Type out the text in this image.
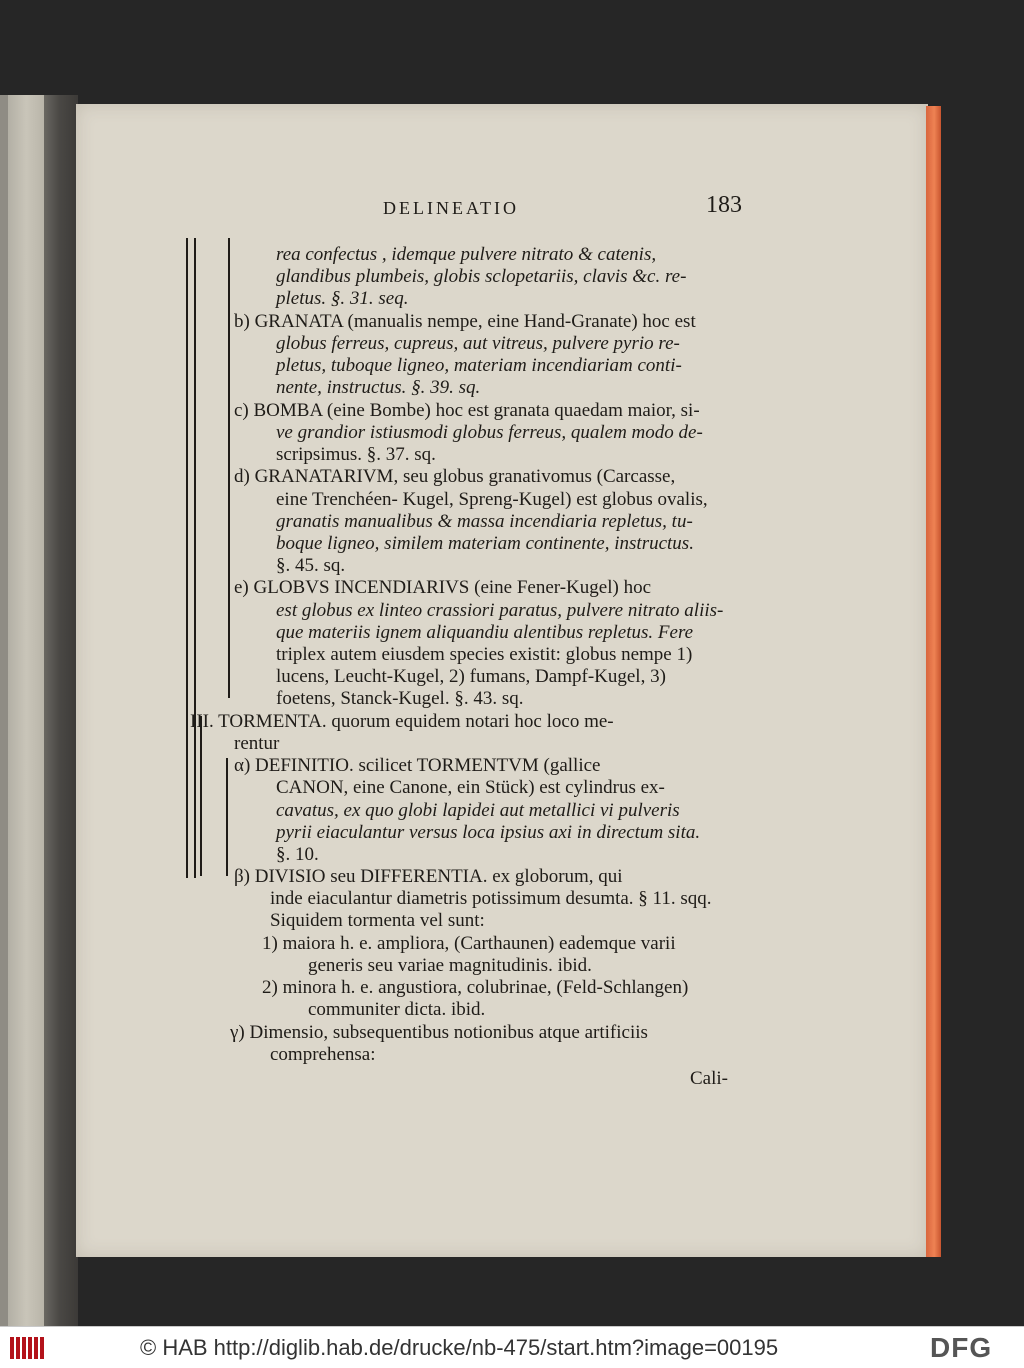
DELINEATIO	183
rea confectus , idemque pulvere nitrato & catenis,
glandibus plumbeis, globis sclopetariis, clavis &c. re-
pletus. §. 31. seq.
b) GRANATA (manualis nempe, eine Hand-Granate) hoc est
globus ferreus, cupreus, aut vitreus, pulvere pyrio re-
pletus, tuboque ligneo, materiam incendiariam conti-
nente, instructus. §. 39. sq.
c) BOMBA (eine Bombe) hoc est granata quaedam maior, si-
ve grandior istiusmodi globus ferreus, qualem modo de-
scripsimus. §. 37. sq.
d) GRANATARIVM, seu globus granativomus (Carcasse,
eine Trenchéen- Kugel, Spreng-Kugel) est globus ovalis,
granatis manualibus & massa incendiaria repletus, tu-
boque ligneo, similem materiam continente, instructus.
§. 45. sq.
e) GLOBVS INCENDIARIVS (eine Fener-Kugel) hoc
est globus ex linteo crassiori paratus, pulvere nitrato aliis-
que materiis ignem aliquandiu alentibus repletus. Fere
triplex autem eiusdem species existit: globus nempe 1)
lucens, Leucht-Kugel, 2) fumans, Dampf-Kugel, 3)
foetens, Stanck-Kugel. §. 43. sq.
III. TORMENTA. quorum equidem notari hoc loco me-
rentur
α) DEFINITIO. scilicet TORMENTVM (gallice
CANON, eine Canone, ein Stück) est cylindrus ex-
cavatus, ex quo globi lapidei aut metallici vi pulveris
pyrii eiaculantur versus loca ipsius axi in directum sita.
§. 10.
β) DIVISIO seu DIFFERENTIA. ex globorum, qui
inde eiaculantur diametris potissimum desumta. § 11. sqq.
Siquidem tormenta vel sunt:
1) maiora h. e. ampliora, (Carthaunen) eademque varii
generis seu variae magnitudinis. ibid.
2) minora h. e. angustiora, colubrinae, (Feld-Schlangen)
communiter dicta. ibid.
γ) Dimensio, subsequentibus notionibus atque artificiis
comprehensa:
Cali-
© HAB http://diglib.hab.de/drucke/nb-475/start.htm?image=00195	DFG
